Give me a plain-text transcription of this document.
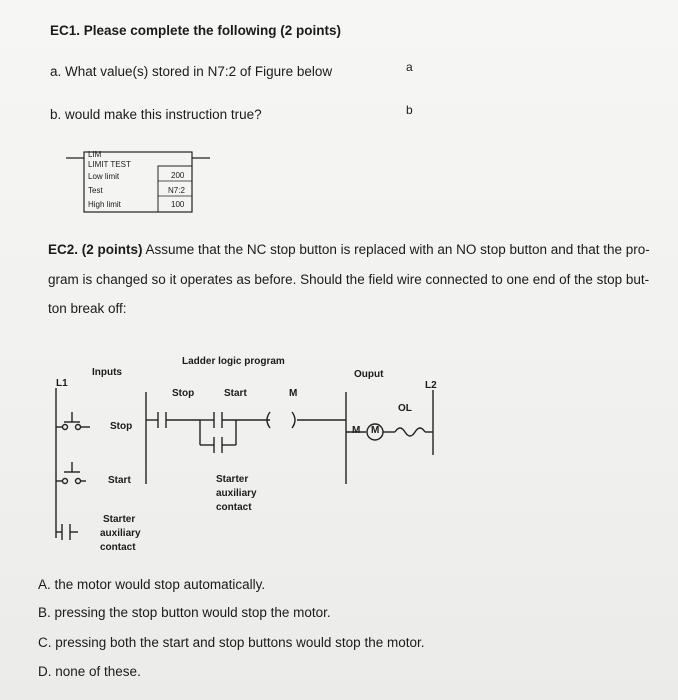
EC1. Please complete the following (2 points)
a. What value(s) stored in N7:2 of Figure below	a
b. would make this instruction true?	b
LIM
LIMIT TEST
Low limit	200
Test	N7:2
High limit	100
EC2. (2 points) Assume that the NC stop button is replaced with an NO stop button and that the pro-
gram is changed so it operates as before. Should the field wire connected to one end of the stop but-
ton break off:
Ladder logic program
Inputs	Ouput
L1	L2
Stop	Start	M
OL
M M
Stop
Start	Starter
auxiliary
contact
Starter
auxiliary
contact
A. the motor would stop automatically.
B. pressing the stop button would stop the motor.
C. pressing both the start and stop buttons would stop the motor.
D. none of these.
